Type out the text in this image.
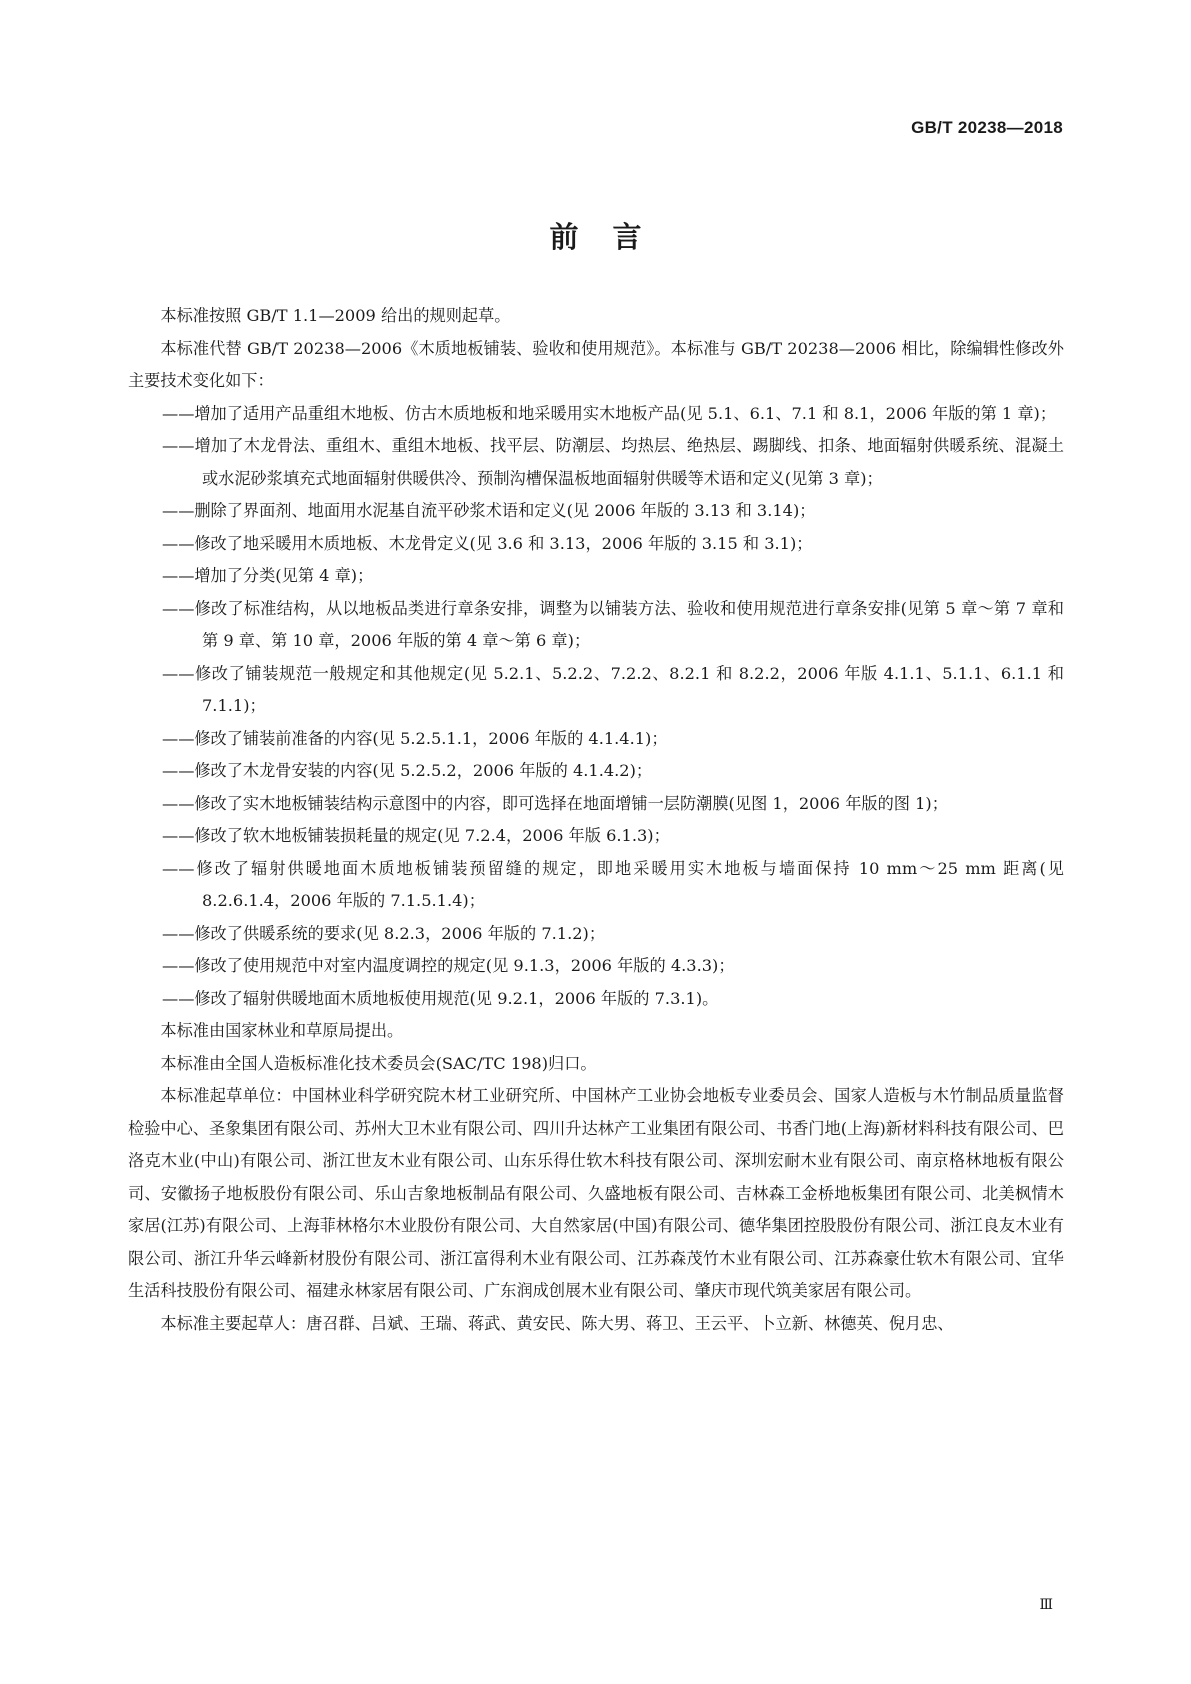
GB/T 20238—2018

前言

本标准按照 GB/T 1.1—2009 给出的规则起草。

本标准代替 GB/T 20238—2006《木质地板铺装、验收和使用规范》。本标准与 GB/T 20238—2006 相比，除编辑性修改外主要技术变化如下：

——增加了适用产品重组木地板、仿古木质地板和地采暖用实木地板产品(见 5.1、6.1、7.1 和 8.1，2006 年版的第 1 章)；
——增加了木龙骨法、重组木、重组木地板、找平层、防潮层、均热层、绝热层、踢脚线、扣条、地面辐射供暖系统、混凝土或水泥砂浆填充式地面辐射供暖供冷、预制沟槽保温板地面辐射供暖等术语和定义(见第 3 章)；
——删除了界面剂、地面用水泥基自流平砂浆术语和定义(见 2006 年版的 3.13 和 3.14)；
——修改了地采暖用木质地板、木龙骨定义(见 3.6 和 3.13，2006 年版的 3.15 和 3.1)；
——增加了分类(见第 4 章)；
——修改了标准结构，从以地板品类进行章条安排，调整为以铺装方法、验收和使用规范进行章条安排(见第 5 章～第 7 章和第 9 章、第 10 章，2006 年版的第 4 章～第 6 章)；
——修改了铺装规范一般规定和其他规定(见 5.2.1、5.2.2、7.2.2、8.2.1 和 8.2.2，2006 年版 4.1.1、5.1.1、6.1.1 和 7.1.1)；
——修改了铺装前准备的内容(见 5.2.5.1.1，2006 年版的 4.1.4.1)；
——修改了木龙骨安装的内容(见 5.2.5.2，2006 年版的 4.1.4.2)；
——修改了实木地板铺装结构示意图中的内容，即可选择在地面增铺一层防潮膜(见图 1，2006 年版的图 1)；
——修改了软木地板铺装损耗量的规定(见 7.2.4，2006 年版 6.1.3)；
——修改了辐射供暖地面木质地板铺装预留缝的规定，即地采暖用实木地板与墙面保持 10 mm～25 mm 距离(见 8.2.6.1.4，2006 年版的 7.1.5.1.4)；
——修改了供暖系统的要求(见 8.2.3，2006 年版的 7.1.2)；
——修改了使用规范中对室内温度调控的规定(见 9.1.3，2006 年版的 4.3.3)；
——修改了辐射供暖地面木质地板使用规范(见 9.2.1，2006 年版的 7.3.1)。

本标准由国家林业和草原局提出。

本标准由全国人造板标准化技术委员会(SAC/TC 198)归口。

本标准起草单位：中国林业科学研究院木材工业研究所、中国林产工业协会地板专业委员会、国家人造板与木竹制品质量监督检验中心、圣象集团有限公司、苏州大卫木业有限公司、四川升达林产工业集团有限公司、书香门地(上海)新材料科技有限公司、巴洛克木业(中山)有限公司、浙江世友木业有限公司、山东乐得仕软木科技有限公司、深圳宏耐木业有限公司、南京格林地板有限公司、安徽扬子地板股份有限公司、乐山吉象地板制品有限公司、久盛地板有限公司、吉林森工金桥地板集团有限公司、北美枫情木家居(江苏)有限公司、上海菲林格尔木业股份有限公司、大自然家居(中国)有限公司、德华集团控股股份有限公司、浙江良友木业有限公司、浙江升华云峰新材股份有限公司、浙江富得利木业有限公司、江苏森茂竹木业有限公司、江苏森豪仕软木有限公司、宜华生活科技股份有限公司、福建永林家居有限公司、广东润成创展木业有限公司、肇庆市现代筑美家居有限公司。

本标准主要起草人：唐召群、吕斌、王瑞、蒋武、黄安民、陈大男、蒋卫、王云平、卜立新、林德英、倪月忠、

Ⅲ
